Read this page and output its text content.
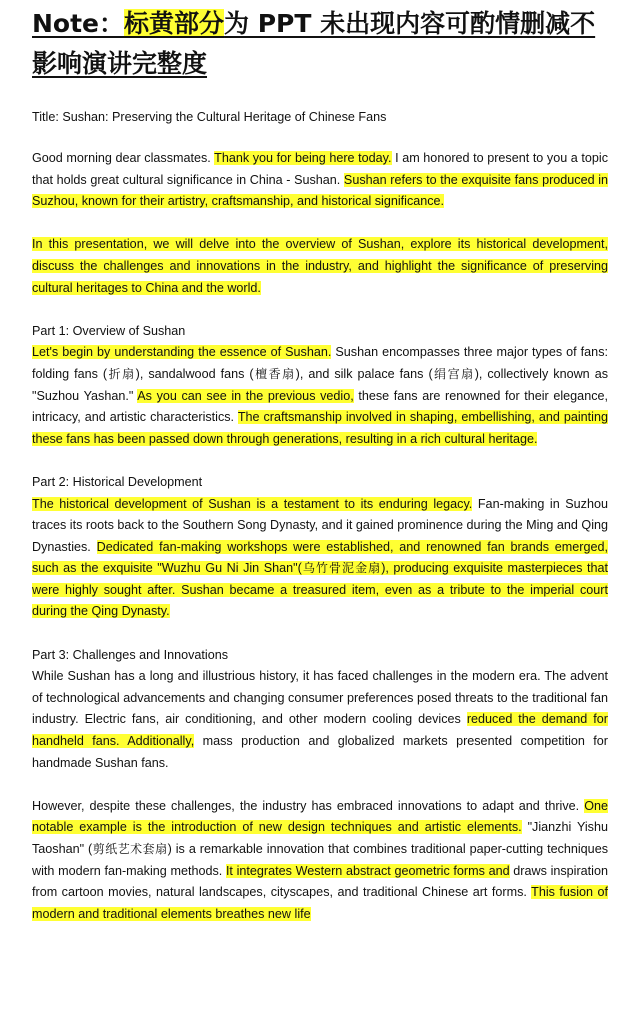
Note：标黄部分为 PPT 未出现内容可酌情删减不影响演讲完整度
Title: Sushan: Preserving the Cultural Heritage of Chinese Fans

Good morning dear classmates. Thank you for being here today. I am honored to present to you a topic that holds great cultural significance in China - Sushan. Sushan refers to the exquisite fans produced in Suzhou, known for their artistry, craftsmanship, and historical significance.

In this presentation, we will delve into the overview of Sushan, explore its historical development, discuss the challenges and innovations in the industry, and highlight the significance of preserving cultural heritages to China and the world.

Part 1: Overview of Sushan

Let's begin by understanding the essence of Sushan. Sushan encompasses three major types of fans: folding fans (折扇), sandalwood fans (檀香扇), and silk palace fans (绢宫扇), collectively known as "Suzhou Yashan." As you can see in the previous vedio, these fans are renowned for their elegance, intricacy, and artistic characteristics. The craftsmanship involved in shaping, embellishing, and painting these fans has been passed down through generations, resulting in a rich cultural heritage.

Part 2: Historical Development

The historical development of Sushan is a testament to its enduring legacy. Fan-making in Suzhou traces its roots back to the Southern Song Dynasty, and it gained prominence during the Ming and Qing Dynasties. Dedicated fan-making workshops were established, and renowned fan brands emerged, such as the exquisite "Wuzhu Gu Ni Jin Shan"(乌竹骨泥金扇), producing exquisite masterpieces that were highly sought after. Sushan became a treasured item, even as a tribute to the imperial court during the Qing Dynasty.

Part 3: Challenges and Innovations

While Sushan has a long and illustrious history, it has faced challenges in the modern era. The advent of technological advancements and changing consumer preferences posed threats to the traditional fan industry. Electric fans, air conditioning, and other modern cooling devices reduced the demand for handheld fans. Additionally, mass production and globalized markets presented competition for handmade Sushan fans.

However, despite these challenges, the industry has embraced innovations to adapt and thrive. One notable example is the introduction of new design techniques and artistic elements. "Jianzhi Yishu Taoshan" (剪纸艺术套扇) is a remarkable innovation that combines traditional paper-cutting techniques with modern fan-making methods. It integrates Western abstract geometric forms and draws inspiration from cartoon movies, natural landscapes, cityscapes, and traditional Chinese art forms. This fusion of modern and traditional elements breathes new life
